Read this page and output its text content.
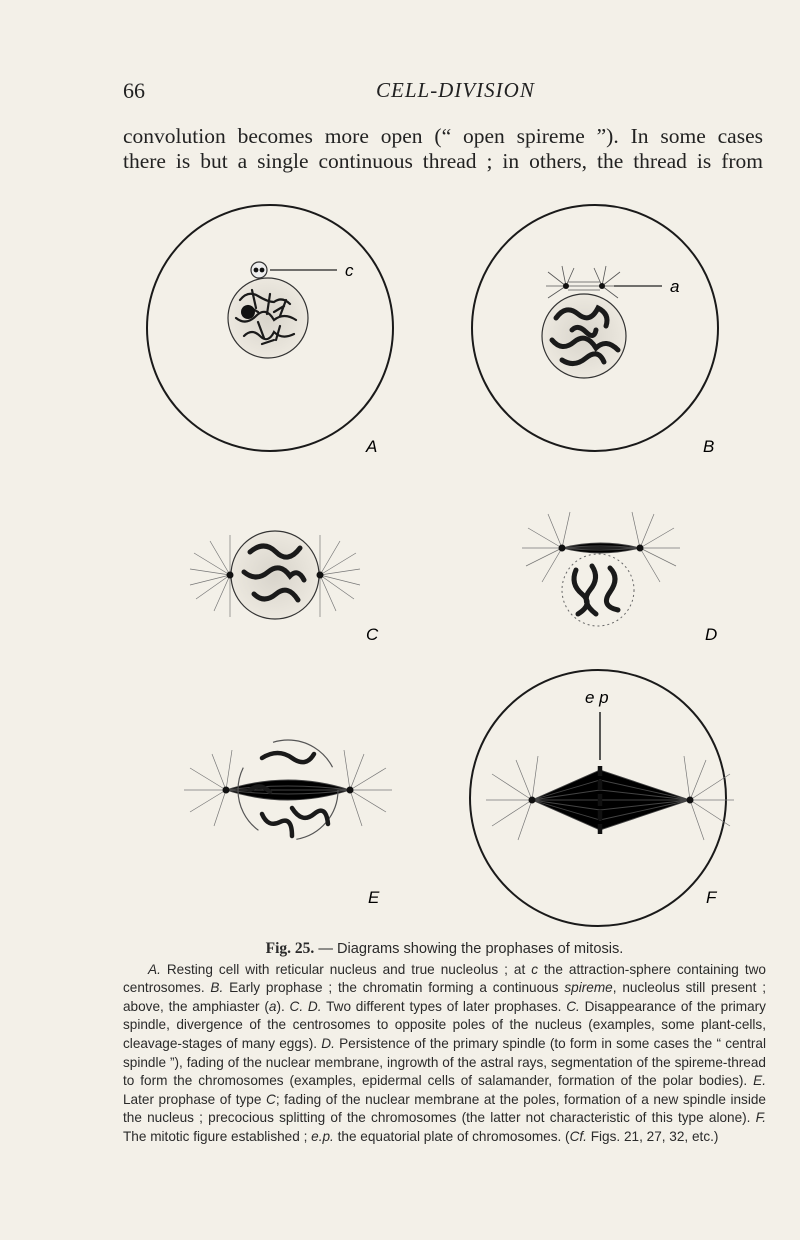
66	CELL-DIVISION
convolution becomes more open (“ open spireme ”). In some cases
there is but a single continuous thread ; in others, the thread is from
c
A
a
B
C	D
E
e p
F
Fig. 25. — Diagrams showing the prophases of mitosis.
A. Resting cell with reticular nucleus and true nucleolus ; at c the attraction-sphere containing two centrosomes. B. Early prophase ; the chromatin forming a continuous spireme, nucleolus still present ; above, the amphiaster (a). C. D. Two different types of later prophases. C. Disappearance of the primary spindle, divergence of the centrosomes to opposite poles of the nucleus (examples, some plant-cells, cleavage-stages of many eggs). D. Persistence of the primary spindle (to form in some cases the “ central spindle ”), fading of the nuclear membrane, ingrowth of the astral rays, segmentation of the spireme-thread to form the chromosomes (examples, epidermal cells of salamander, formation of the polar bodies). E. Later prophase of type C; fading of the nuclear membrane at the poles, formation of a new spindle inside the nucleus ; precocious splitting of the chromosomes (the latter not characteristic of this type alone). F. The mitotic figure established ; e.p. the equatorial plate of chromosomes. (Cf. Figs. 21, 27, 32, etc.)
